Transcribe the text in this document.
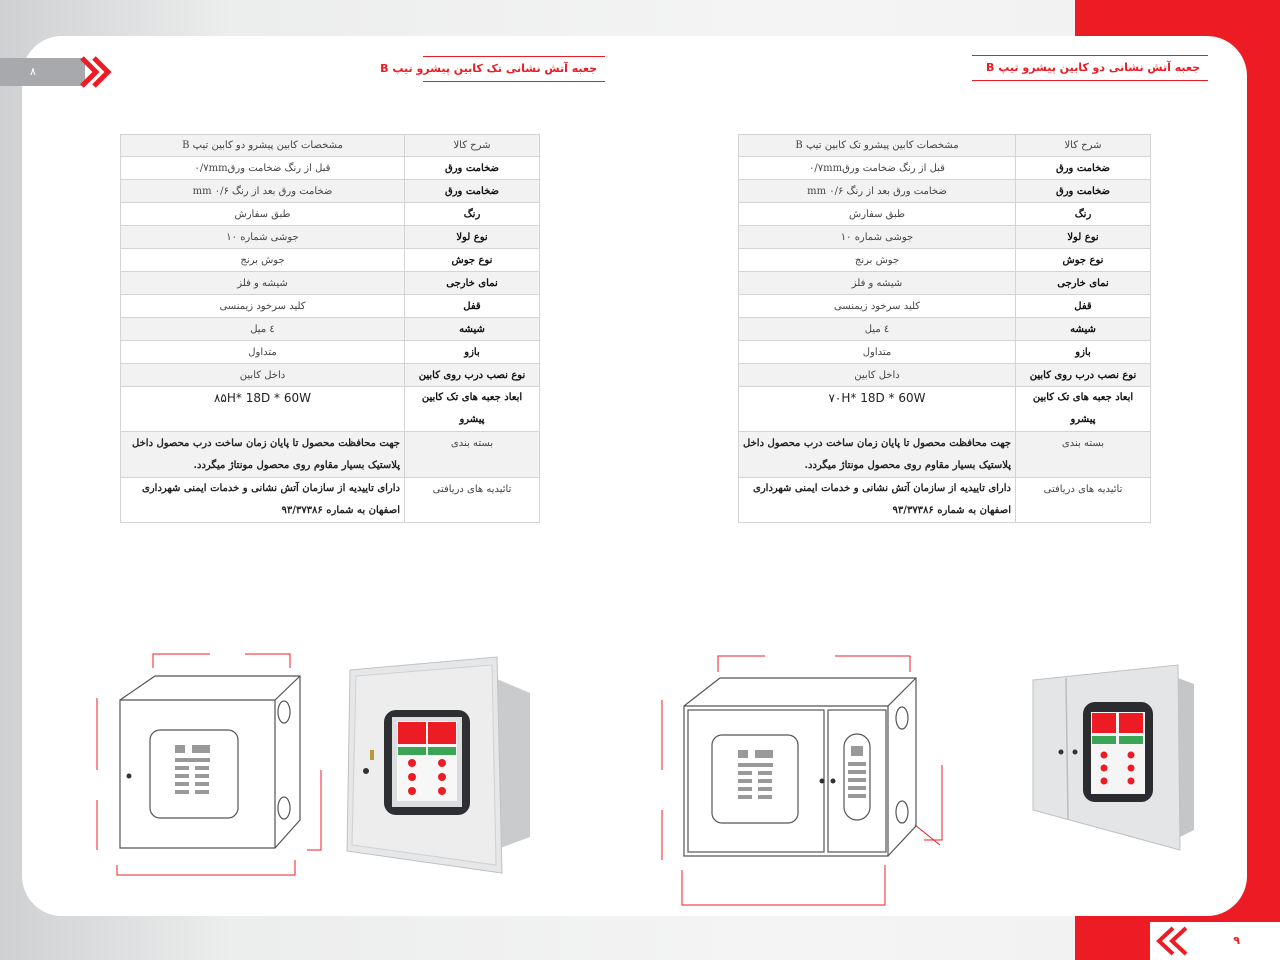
۸	جعبه آتش نشانی تک کابین پیشرو تیپ B	جعبه آتش نشانی دو کابین پیشرو تیپ B
شرح کالا	مشخصات کابین پیشرو دو کابین تیپ B
ضخامت ورق	قبل از رنگ ضخامت ورق۰/۷mm
ضخامت ورق	ضخامت ورق بعد از رنگ mm ۰/۶
رنگ	طبق سفارش
نوع لولا	جوشی شماره ۱۰
نوع جوش	جوش برنج
نمای خارجی	شیشه و فلز
قفل	کلید سرخود زیمنسی
شیشه	٤ میل
بازو	متداول
نوع نصب درب روی کابین	داخل کابین
ابعاد جعبه های تک کابین پیشرو	۸۵H* 18D * 60W
بسته بندی	جهت محافظت محصول تا پایان زمان ساخت درب محصول داخل پلاستیک بسیار مقاوم روی محصول مونتاژ میگردد.
تائیدیه های دریافتی	دارای تاییدیه از سازمان آتش نشانی و خدمات ایمنی شهرداری اصفهان به شماره ۹۳/۳۷۳۸۶
شرح کالا	مشخصات کابین پیشرو تک کابین تیپ B
ضخامت ورق	قبل از رنگ ضخامت ورق۰/۷mm
ضخامت ورق	ضخامت ورق بعد از رنگ mm ۰/۶
رنگ	طبق سفارش
نوع لولا	جوشی شماره ۱۰
نوع جوش	جوش برنج
نمای خارجی	شیشه و فلز
قفل	کلید سرخود زیمنسی
شیشه	٤ میل
بازو	متداول
نوع نصب درب روی کابین	داخل کابین
ابعاد جعبه های تک کابین پیشرو	۷۰H* 18D * 60W
بسته بندی	جهت محافظت محصول تا پایان زمان ساخت درب محصول داخل پلاستیک بسیار مقاوم روی محصول مونتاژ میگردد.
تائیدیه های دریافتی	دارای تاییدیه از سازمان آتش نشانی و خدمات ایمنی شهرداری اصفهان به شماره ۹۳/۳۷۳۸۶
۹
